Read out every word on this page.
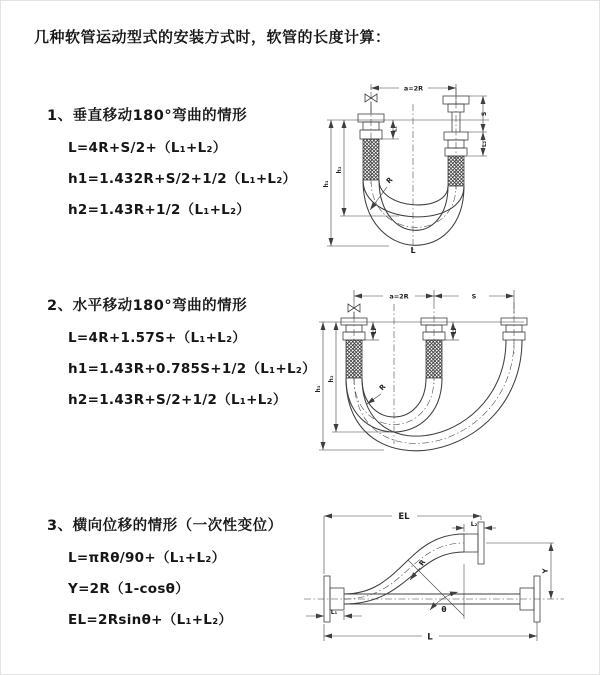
几种软管运动型式的安装方式时，软管的长度计算：
1、垂直移动180°弯曲的情形
L=4R+S/2+（L₁+L₂）
h1=1.432R+S/2+1/2（L₁+L₂）
h2=1.43R+1/2（L₁+L₂）
a=2R
S
L₂
L₁
h₁
h₂
R
L
2、水平移动180°弯曲的情形
L=4R+1.57S+（L₁+L₂）
h1=1.43R+0.785S+1/2（L₁+L₂）
h2=1.43R+S/2+1/2（L₁+L₂）
a=2R	S
L₁	L₂
h₁
h₂
R
3、横向位移的情形（一次性变位）
L=πRθ/90+（L₁+L₂）
Y=2R（1-cosθ）
EL=2Rsinθ+（L₁+L₂）
EL
L₂
Y
θ
R
L
L₁
